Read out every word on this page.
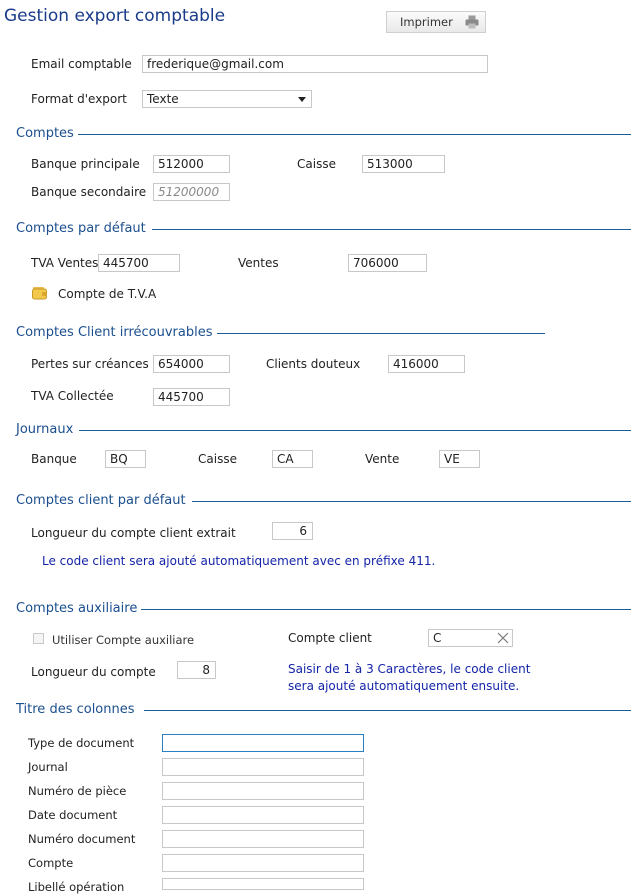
Gestion export comptable	Imprimer
Email comptable	frederique@gmail.com
Format d'export	Texte
Comptes
Banque principale	512000	Caisse	513000
Banque secondaire 51200000
Comptes par défaut
TVA Ventes 445700	Ventes	706000
Compte de T.V.A
Comptes Client irrécouvrables
Pertes sur créances 654000	Clients douteux	416000
TVA Collectée	445700
Journaux
Banque	BQ	Caisse	CA	Vente	VE
Comptes client par défaut
Longueur du compte client extrait	6
Le code client sera ajouté automatiquement avec en préfixe 411.
Comptes auxiliaire
Utiliser Compte auxiliare	Compte client	C
Longueur du compte	8	Saisir de 1 à 3 Caractères, le code client
sera ajouté automatiquement ensuite.
Titre des colonnes
Type de document
Journal
Numéro de pièce
Date document
Numéro document
Compte
Libellé opération
